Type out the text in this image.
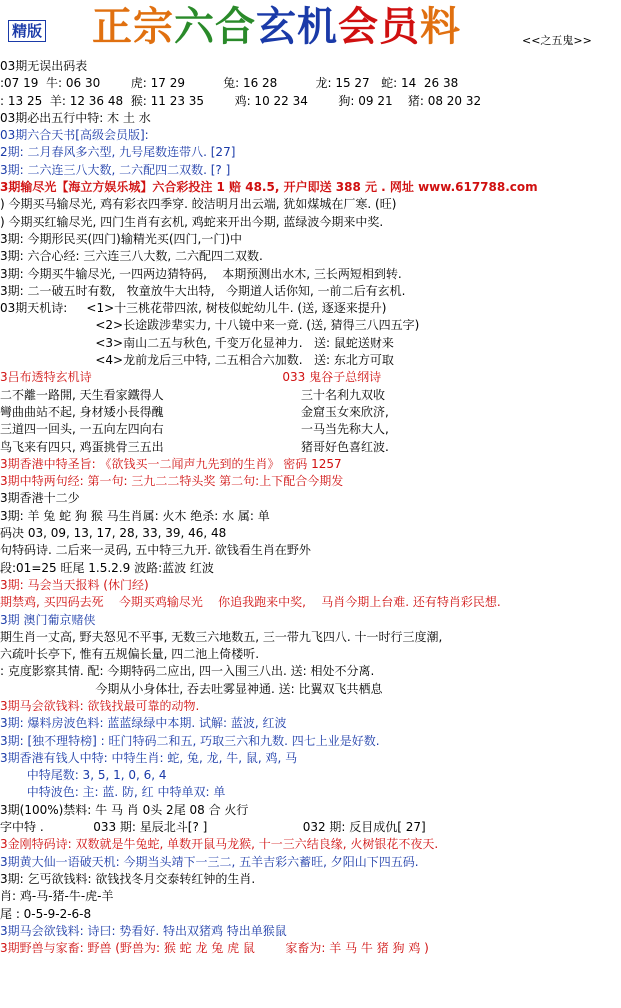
精版 正宗六合玄机会员料	<<之五鬼>>
03期无误出码表
:07 19  牛: 06 30        虎: 17 29          兔: 16 28          龙: 15 27   蛇: 14  26 38
: 13 25  羊: 12 36 48  猴: 11 23 35        鸡: 10 22 34        狗: 09 21    猪: 08 20 32
03期必出五行中特: 木 土 水
03期六合天书[高级会员版]:
2期: 二月春风多六型, 九号尾数连带八. [27]
3期: 二六连三八大数, 二六配四二双数. [? ]
3期输尽光【海立方娱乐城】六合彩投注 1 赔 48.5, 开户即送 388 元 . 网址 www.617788.com
) 今期买马输尽光, 鸡有彩衣四季穿. 皎洁明月出云端, 犹如煤城在厂寒. (旺)
) 今期买红输尽光, 四门生肖有玄机, 鸡蛇来开出今期, 蓝绿波今期来中奖.
3期: 今期形民买(四门)输精光买(四门,一门)中
3期: 六合心经: 三六连三八大数, 二六配四二双数.
3期: 今期买牛输尽光, 一四两边猜特码,    本期预测出水木, 三长两短相到转.
3期: 二一破五时有数,   牧童放牛大出特,   今期道人话你知, 一前二后有玄机.
03期天机诗:     <1>十三桃花带四浓, 树枝似蛇幼儿牛. (送, 逐逐来提升)
<2>长途跋涉辈实力, 十八镜中来一竟. (送, 猜得三八四五字)
<3>南山二五与秋色, 千变万化显神力.   送: 鼠蛇送财来
<4>龙前龙后三中特, 二五相合六加数.   送: 东北方可取
3吕布透特玄机诗                                                  033 鬼谷子总纲诗
二不離一路開, 天生看家鐵得人                                    三十名利九双收
彎曲曲站不起, 身材矮小長得醜                                    金窟玉女來欣济,
三道四一回头, 一五向左四向右                                    一马当先称大人,
鸟飞来有四只, 鸡蛋挑骨三五出                                    猪哥好色喜红波.
3期香港中特圣旨: 《欲钱买一二闻声九先到的生肖》 密码 1257
3期中特两句经: 第一句: 三九二二特头奖 第二句:上下配合今期发
3期香港十二少
3期: 羊 兔 蛇 狗 猴 马生肖属: 火木 绝杀: 水 属: 单
码决 03, 09, 13, 17, 28, 33, 39, 46, 48
句特码诗. 二后来一灵码, 五中特三九开. 欲钱看生肖在野外
段:01=25 旺尾 1.5.2.9 波路:蓝波 红波
3期: 马会当天报料 (休门经)
期禁鸡, 买四码去死    今期买鸡输尽光    你追我跑来中奖,    马肖今期上台难. 还有特肖彩民想.
3期 澳门葡京赌侠
期生肖一丈高, 野夫怒见不平事, 无数三六地数五, 三一带九飞四八. 十一时行三度潮,
六疏叶长亭下, 惟有五规偏长量, 四二池上倚楼听.
: 克度影察其情. 配: 今期特码二应出, 四一入围三八出. 送: 相处不分离.
今期从小身体壮, 吞去吐雾显神通. 送: 比翼双飞共栖息
3期马会欲钱料: 欲钱找最可靠的动物.
3期: 爆料房波色料: 蓝蓝绿绿中本期. 试解: 蓝波, 红波
3期: [独不理特榜] : 旺门特码二和五, 巧取三六和九数. 四七上业是好数.
3期香港有钱人中特: 中特生肖: 蛇, 兔, 龙, 牛, 鼠, 鸡, 马
中特尾数: 3, 5, 1, 0, 6, 4
中特波色: 主: 蓝. 防, 红 中特单双: 单
3期(100%)禁料: 牛 马 肖 0头 2尾 08 合 火行
字中特 .             033 期: 星辰北斗[? ]                         032 期: 反目成仇[ 27]
3金刚特码诗: 双数就是牛兔蛇, 单数开鼠马龙猴, 十一三六结良缘, 火树银花不夜天.
3期黄大仙一语破天机: 今期当头靖下一三二, 五羊吉彩六蓄旺, 夕阳山下四五码.
3期: 乞丐欲钱料: 欲钱找冬月交泰转红钟的生肖.
肖: 鸡-马-猪-牛-虎-羊
尾 : 0-5-9-2-6-8
3期马会欲钱料: 诗曰: 势看好. 特出双猪鸡 特出单猴鼠
3期野兽与家畜: 野兽 (野兽为: 猴 蛇 龙 兔 虎 鼠        家畜为: 羊 马 牛 猪 狗 鸡 )
